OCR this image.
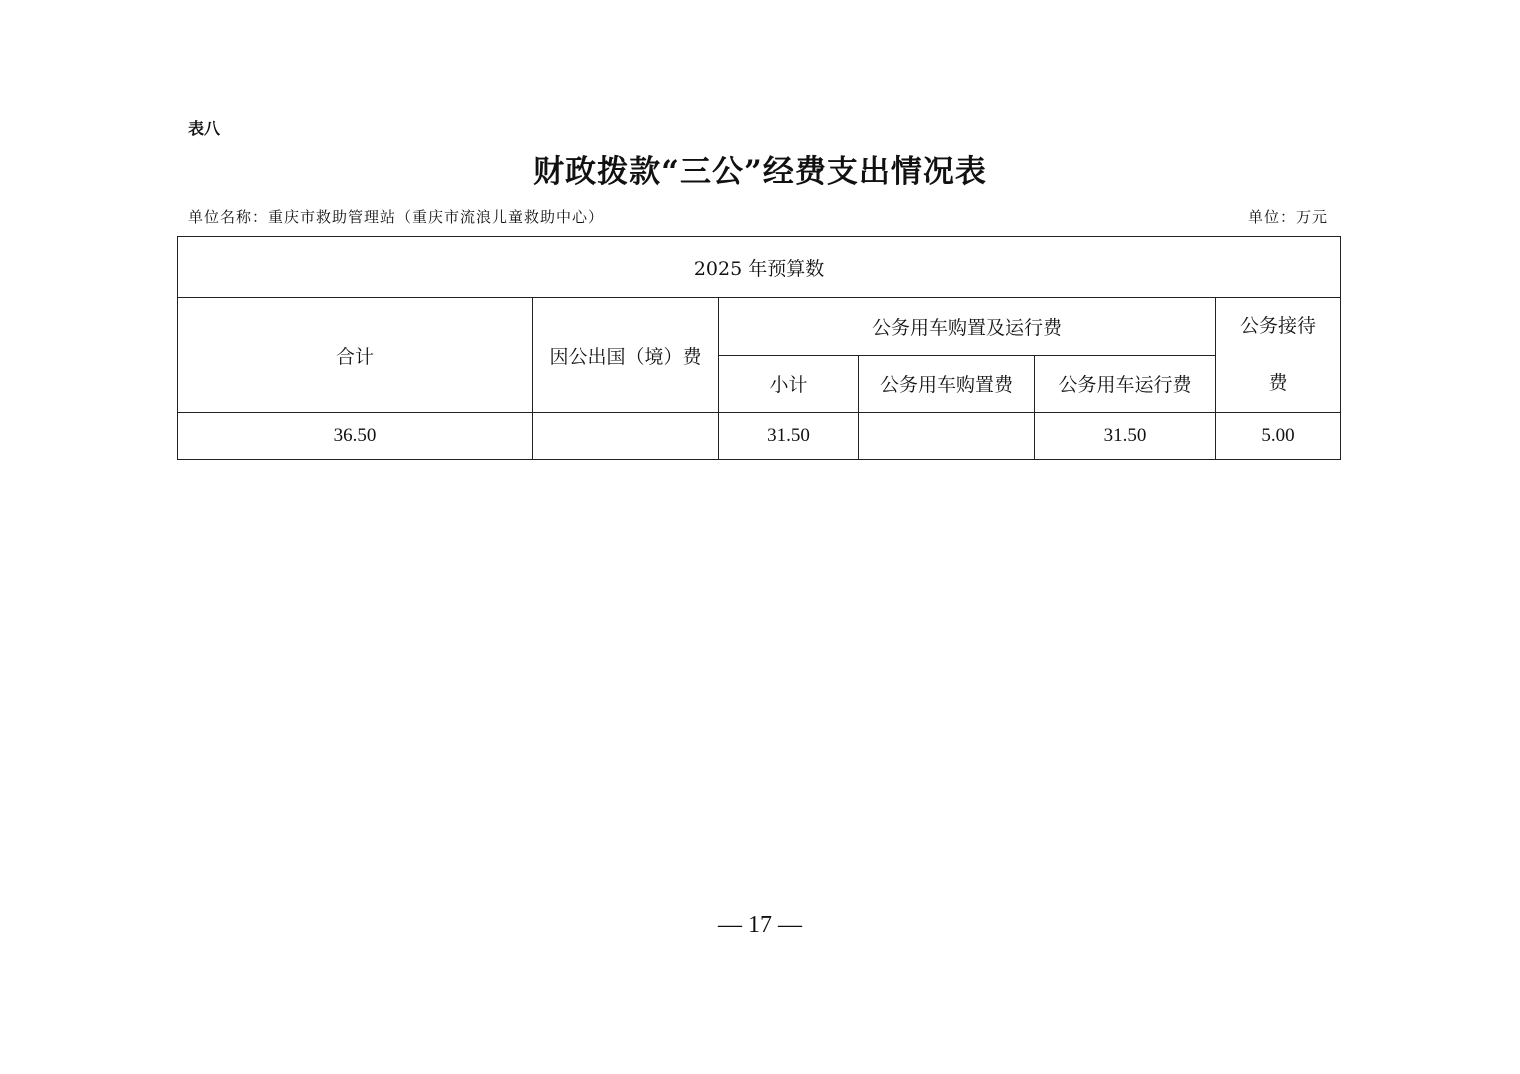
表八
财政拨款“三公”经费支出情况表
单位名称：重庆市救助管理站（重庆市流浪儿童救助中心）	单位：万元
2025 年预算数					
合计	因公出国（境）费	公务用车购置及运行费			公务接待
费

		小计	公务用车购置费	公务用车运行费	
36.50		31.50		31.50	5.00
— 17 —
